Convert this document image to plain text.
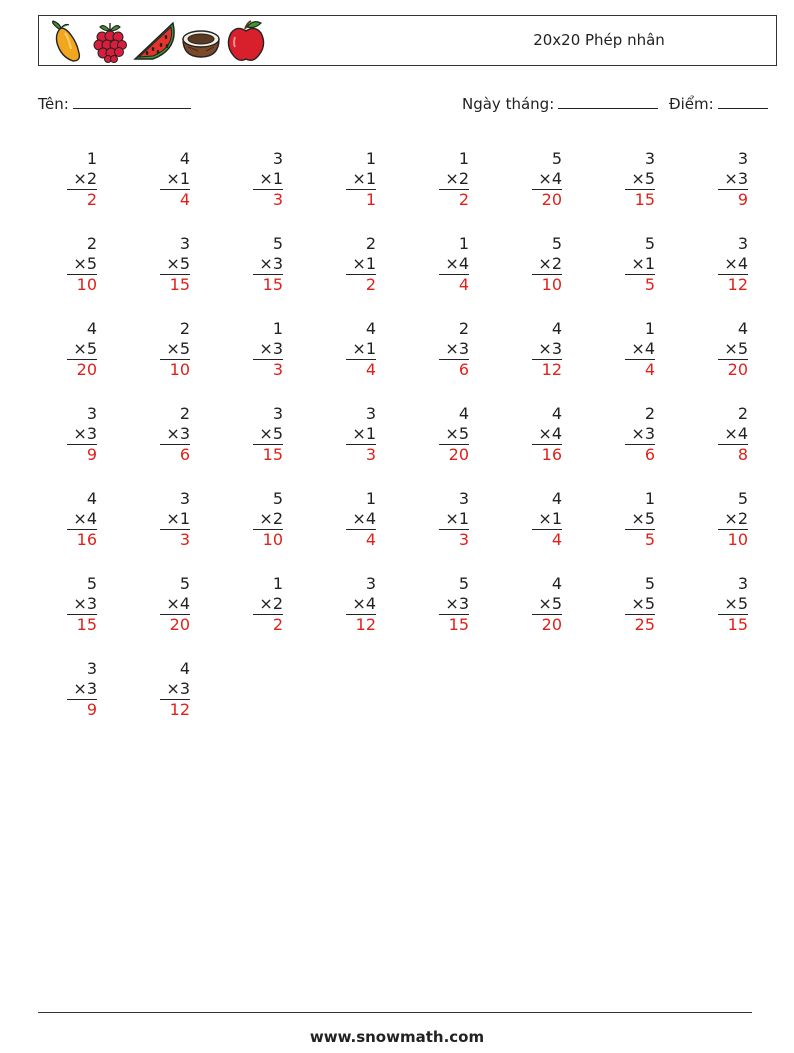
20x20 Phép nhân
Tên:	Ngày tháng:	Điểm:
1
×2
2
4
×1
4
3
×1
3
1
×1
1
1
×2
2
5
×4
20
3
×5
15
3
×3
9
2
×5
10
3
×5
15
5
×3
15
2
×1
2
1
×4
4
5
×2
10
5
×1
5
3
×4
12
4
×5
20
2
×5
10
1
×3
3
4
×1
4
2
×3
6
4
×3
12
1
×4
4
4
×5
20
3
×3
9
2
×3
6
3
×5
15
3
×1
3
4
×5
20
4
×4
16
2
×3
6
2
×4
8
4
×4
16
3
×1
3
5
×2
10
1
×4
4
3
×1
3
4
×1
4
1
×5
5
5
×2
10
5
×3
15
5
×4
20
1
×2
2
3
×4
12
5
×3
15
4
×5
20
5
×5
25
3
×5
15
3
×3
9
4
×3
12
www.snowmath.com
